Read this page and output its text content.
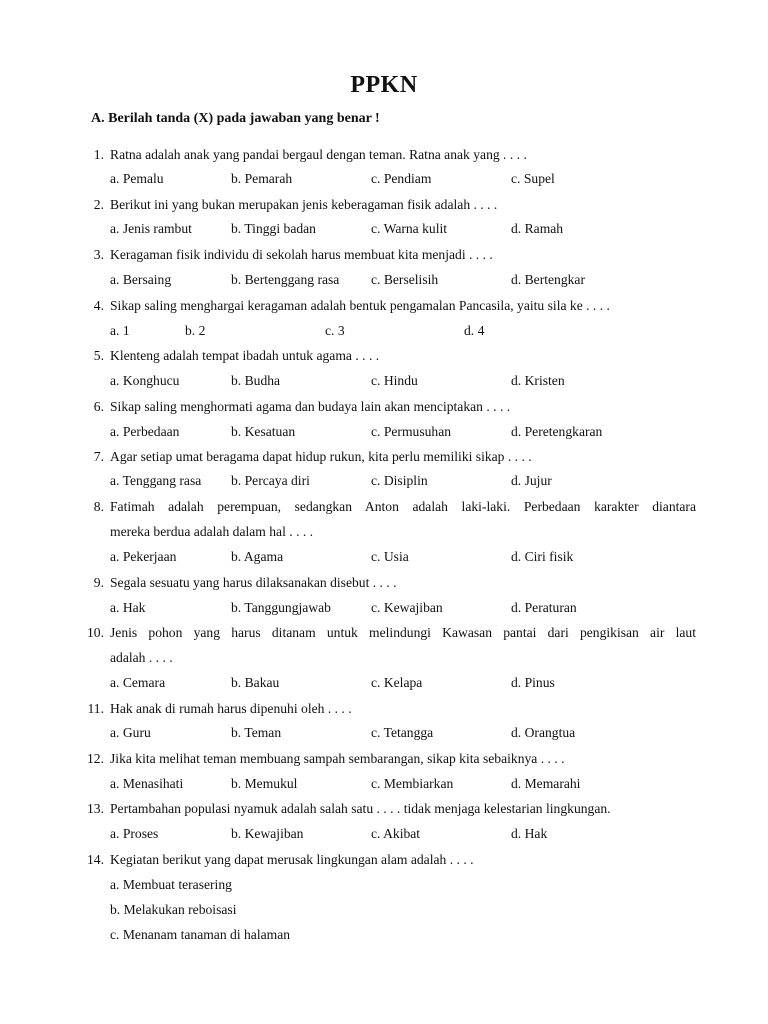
PPKN
A. Berilah tanda (X) pada jawaban yang benar !
1. Ratna adalah anak yang pandai bergaul dengan teman. Ratna anak yang . . . .
a. Pemalu	b. Pemarah	c. Pendiam	c. Supel
2. Berikut ini yang bukan merupakan jenis keberagaman fisik adalah . . . .
a. Jenis rambut	b. Tinggi badan	c. Warna kulit	d. Ramah
3. Keragaman fisik individu di sekolah harus membuat kita menjadi . . . .
a. Bersaing	b. Bertenggang rasa c. Berselisih	d. Bertengkar
4. Sikap saling menghargai keragaman adalah bentuk pengamalan Pancasila, yaitu sila ke . . . .
a. 1	b. 2	c. 3	d. 4
5. Klenteng adalah tempat ibadah untuk agama . . . .
a. Konghucu	b. Budha	c. Hindu	d. Kristen
6. Sikap saling menghormati agama dan budaya lain akan menciptakan . . . .
a. Perbedaan	b. Kesatuan	c. Permusuhan	d. Peretengkaran
7. Agar setiap umat beragama dapat hidup rukun, kita perlu memiliki sikap . . . .
a. Tenggang rasa b. Percaya diri	c. Disiplin	d. Jujur
8. Fatimah adalah perempuan, sedangkan Anton adalah laki-laki. Perbedaan karakter diantara
mereka berdua adalah dalam hal . . . .
a. Pekerjaan	b. Agama	c. Usia	d. Ciri fisik
9. Segala sesuatu yang harus dilaksanakan disebut . . . .
a. Hak	b. Tanggungjawab	c. Kewajiban	d. Peraturan
10. Jenis pohon yang harus ditanam untuk melindungi Kawasan pantai dari pengikisan air laut
adalah . . . .
a. Cemara	b. Bakau	c. Kelapa	d. Pinus
11. Hak anak di rumah harus dipenuhi oleh . . . .
a. Guru	b. Teman	c. Tetangga	d. Orangtua
12. Jika kita melihat teman membuang sampah sembarangan, sikap kita sebaiknya . . . .
a. Menasihati	b. Memukul	c. Membiarkan	d. Memarahi
13. Pertambahan populasi nyamuk adalah salah satu . . . . tidak menjaga kelestarian lingkungan.
a. Proses	b. Kewajiban	c. Akibat	d. Hak
14. Kegiatan berikut yang dapat merusak lingkungan alam adalah . . . .
a. Membuat terasering
b. Melakukan reboisasi
c. Menanam tanaman di halaman
